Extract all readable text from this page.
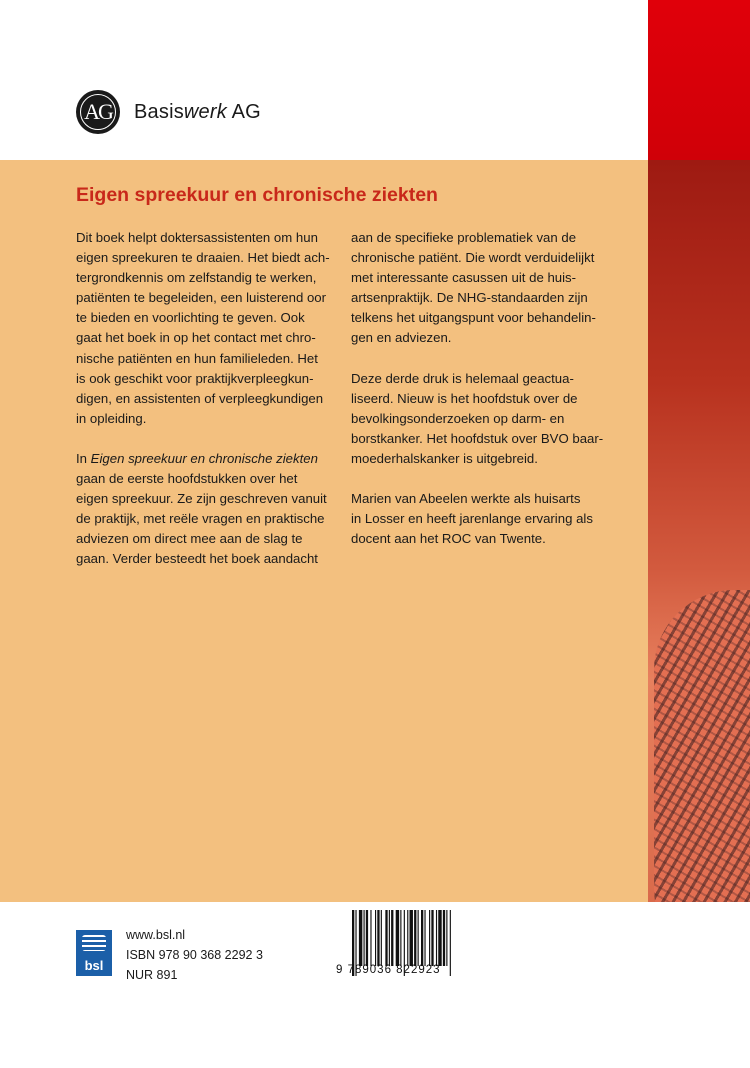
AG Basiswerk AG
Eigen spreekuur en chronische ziekten

Dit boek helpt doktersassistenten om hun
eigen spreekuren te draaien. Het biedt ach-
tergrondkennis om zelfstandig te werken,
patiënten te begeleiden, een luisterend oor
te bieden en voorlichting te geven. Ook
gaat het boek in op het contact met chro-
nische patiënten en hun familieleden. Het
is ook geschikt voor praktijkverpleegkun-
digen, en assistenten of verpleegkundigen
in opleiding.

In Eigen spreekuur en chronische ziekten
gaan de eerste hoofdstukken over het
eigen spreekuur. Ze zijn geschreven vanuit
de praktijk, met reële vragen en praktische
adviezen om direct mee aan de slag te
gaan. Verder besteedt het boek aandacht

aan de specifieke problematiek van de
chronische patiënt. Die wordt verduidelijkt
met interessante casussen uit de huis-
artsenpraktijk. De NHG-standaarden zijn
telkens het uitgangspunt voor behandelin-
gen en adviezen.

Deze derde druk is helemaal geactua-
liseerd. Nieuw is het hoofdstuk over de
bevolkingsonderzoeken op darm- en
borstkanker. Het hoofdstuk over BVO baar-
moederhalskanker is uitgebreid.

Marien van Abeelen werkte als huisarts
in Losser en heeft jarenlange ervaring als
docent aan het ROC van Twente.

bsl
www.bsl.nl
ISBN 978 90 368 2292 3
NUR 891	9 789036 822923
